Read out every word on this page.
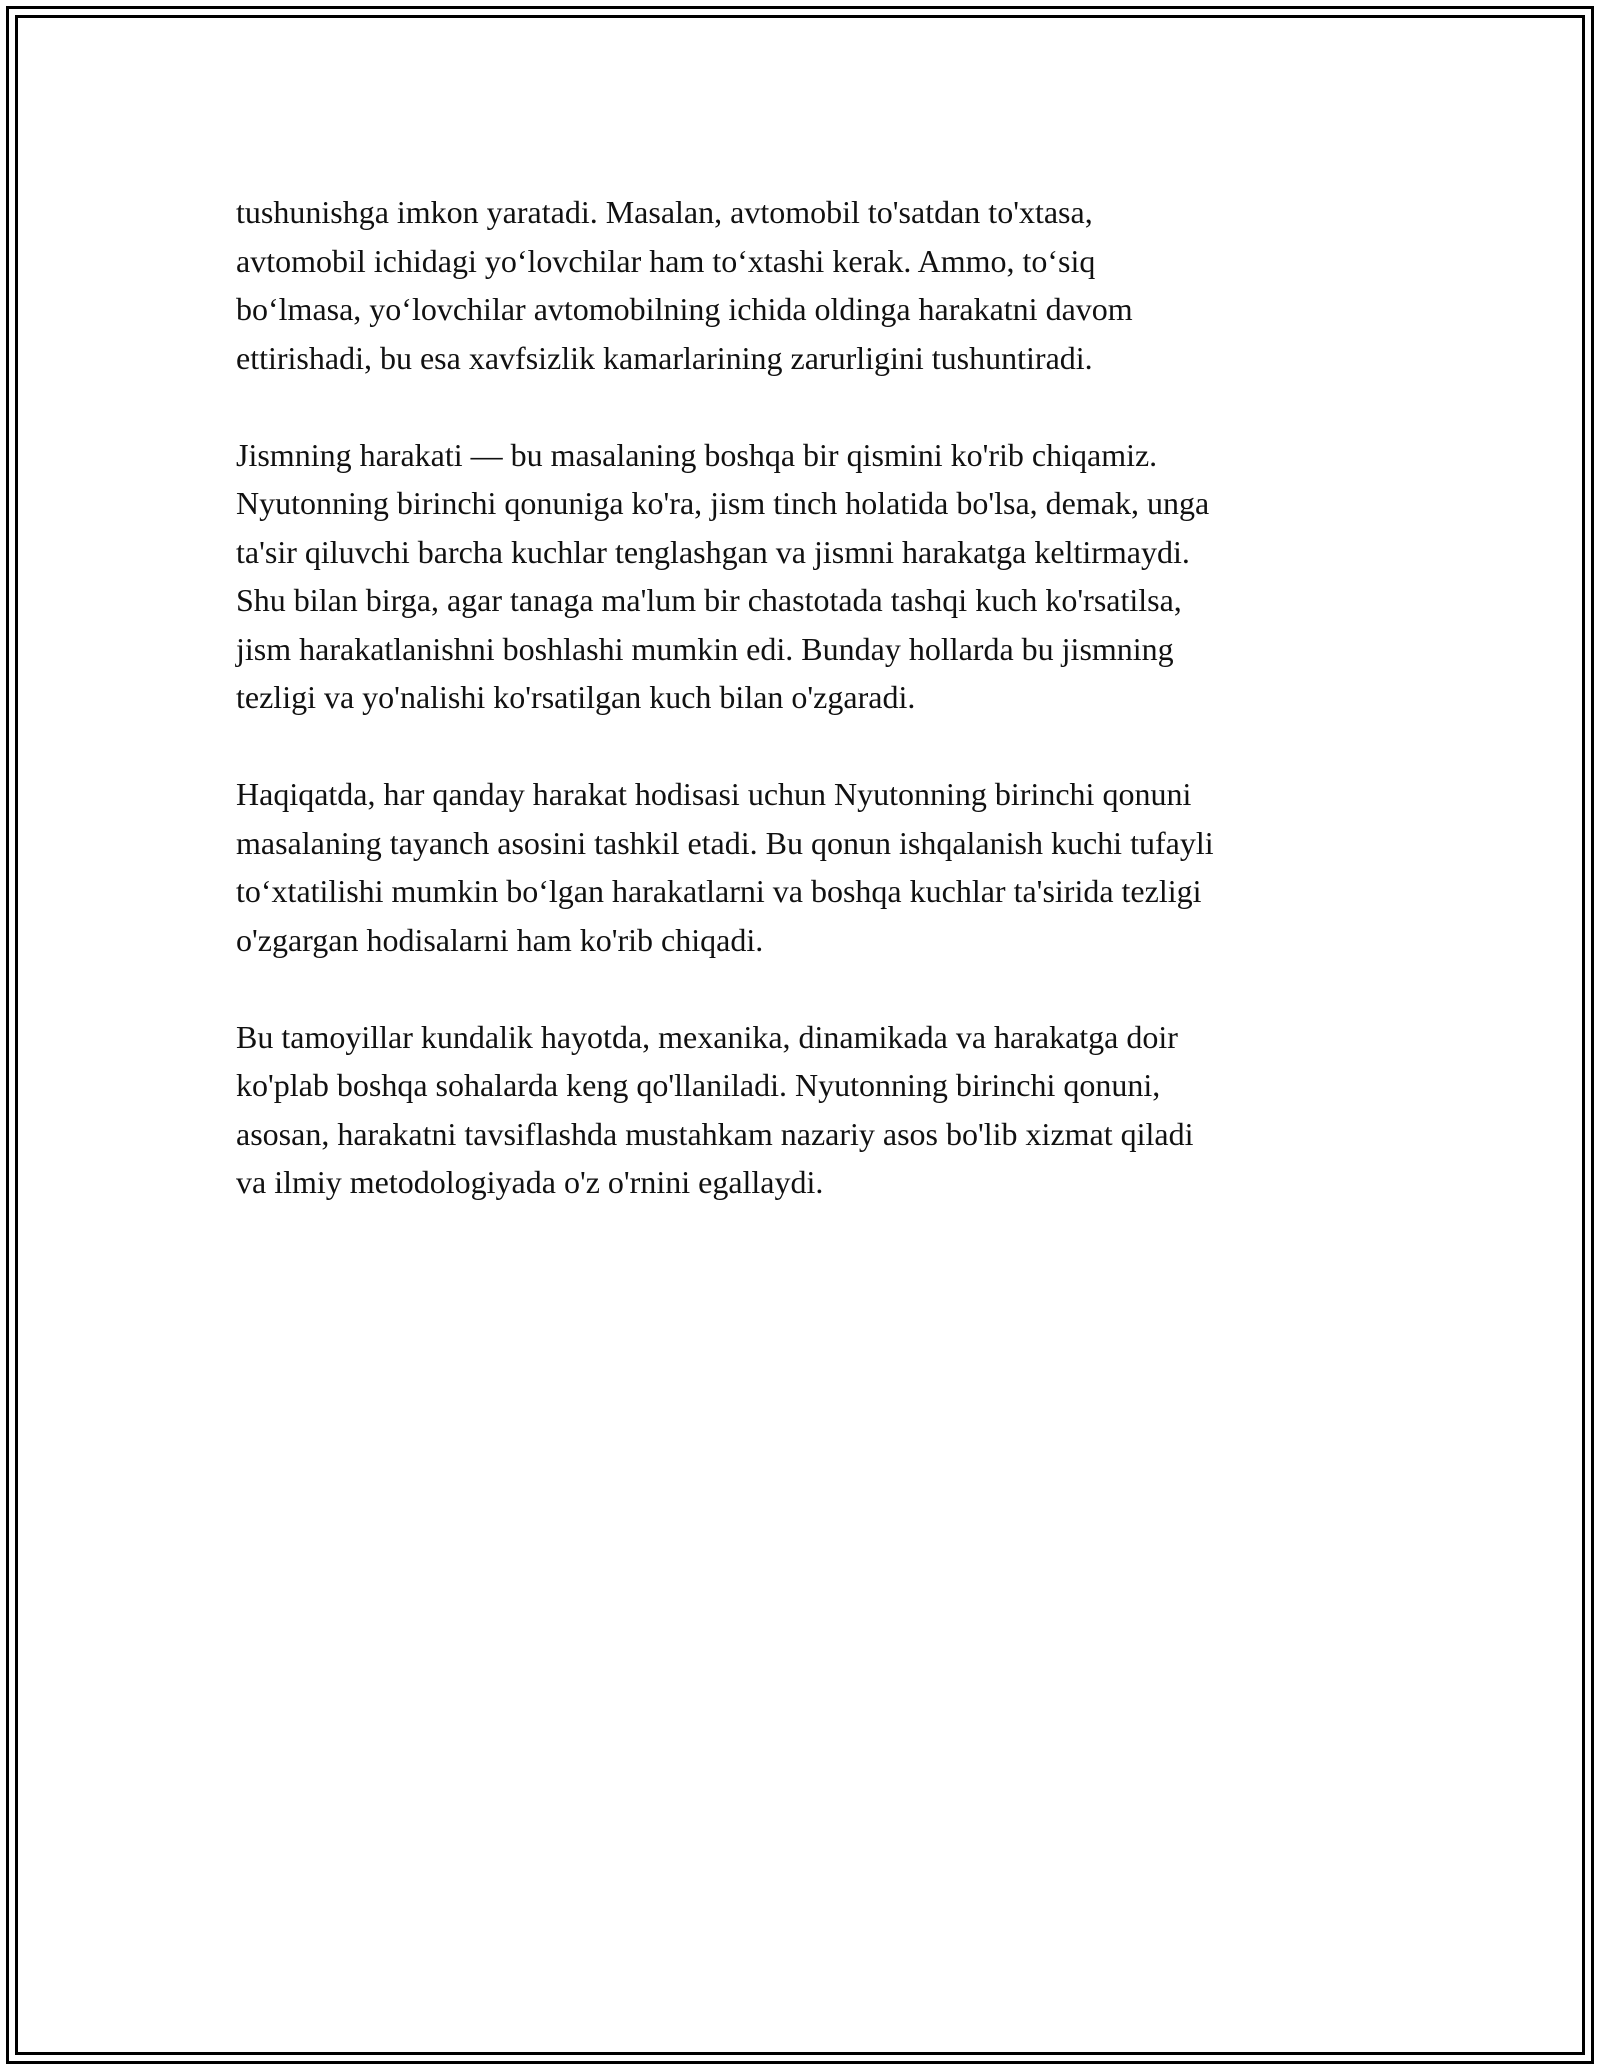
tushunishga imkon yaratadi. Masalan, avtomobil to'satdan to'xtasa,
avtomobil ichidagi yo‘lovchilar ham to‘xtashi kerak. Ammo, to‘siq
bo‘lmasa, yo‘lovchilar avtomobilning ichida oldinga harakatni davom
ettirishadi, bu esa xavfsizlik kamarlarining zarurligini tushuntiradi.

Jismning harakati — bu masalaning boshqa bir qismini ko'rib chiqamiz.
Nyutonning birinchi qonuniga ko'ra, jism tinch holatida bo'lsa, demak, unga
ta'sir qiluvchi barcha kuchlar tenglashgan va jismni harakatga keltirmaydi.
Shu bilan birga, agar tanaga ma'lum bir chastotada tashqi kuch ko'rsatilsa,
jism harakatlanishni boshlashi mumkin edi. Bunday hollarda bu jismning
tezligi va yo'nalishi ko'rsatilgan kuch bilan o'zgaradi.

Haqiqatda, har qanday harakat hodisasi uchun Nyutonning birinchi qonuni
masalaning tayanch asosini tashkil etadi. Bu qonun ishqalanish kuchi tufayli
to‘xtatilishi mumkin bo‘lgan harakatlarni va boshqa kuchlar ta'sirida tezligi
o'zgargan hodisalarni ham ko'rib chiqadi.

Bu tamoyillar kundalik hayotda, mexanika, dinamikada va harakatga doir
ko'plab boshqa sohalarda keng qo'llaniladi. Nyutonning birinchi qonuni,
asosan, harakatni tavsiflashda mustahkam nazariy asos bo'lib xizmat qiladi
va ilmiy metodologiyada o'z o'rnini egallaydi.
